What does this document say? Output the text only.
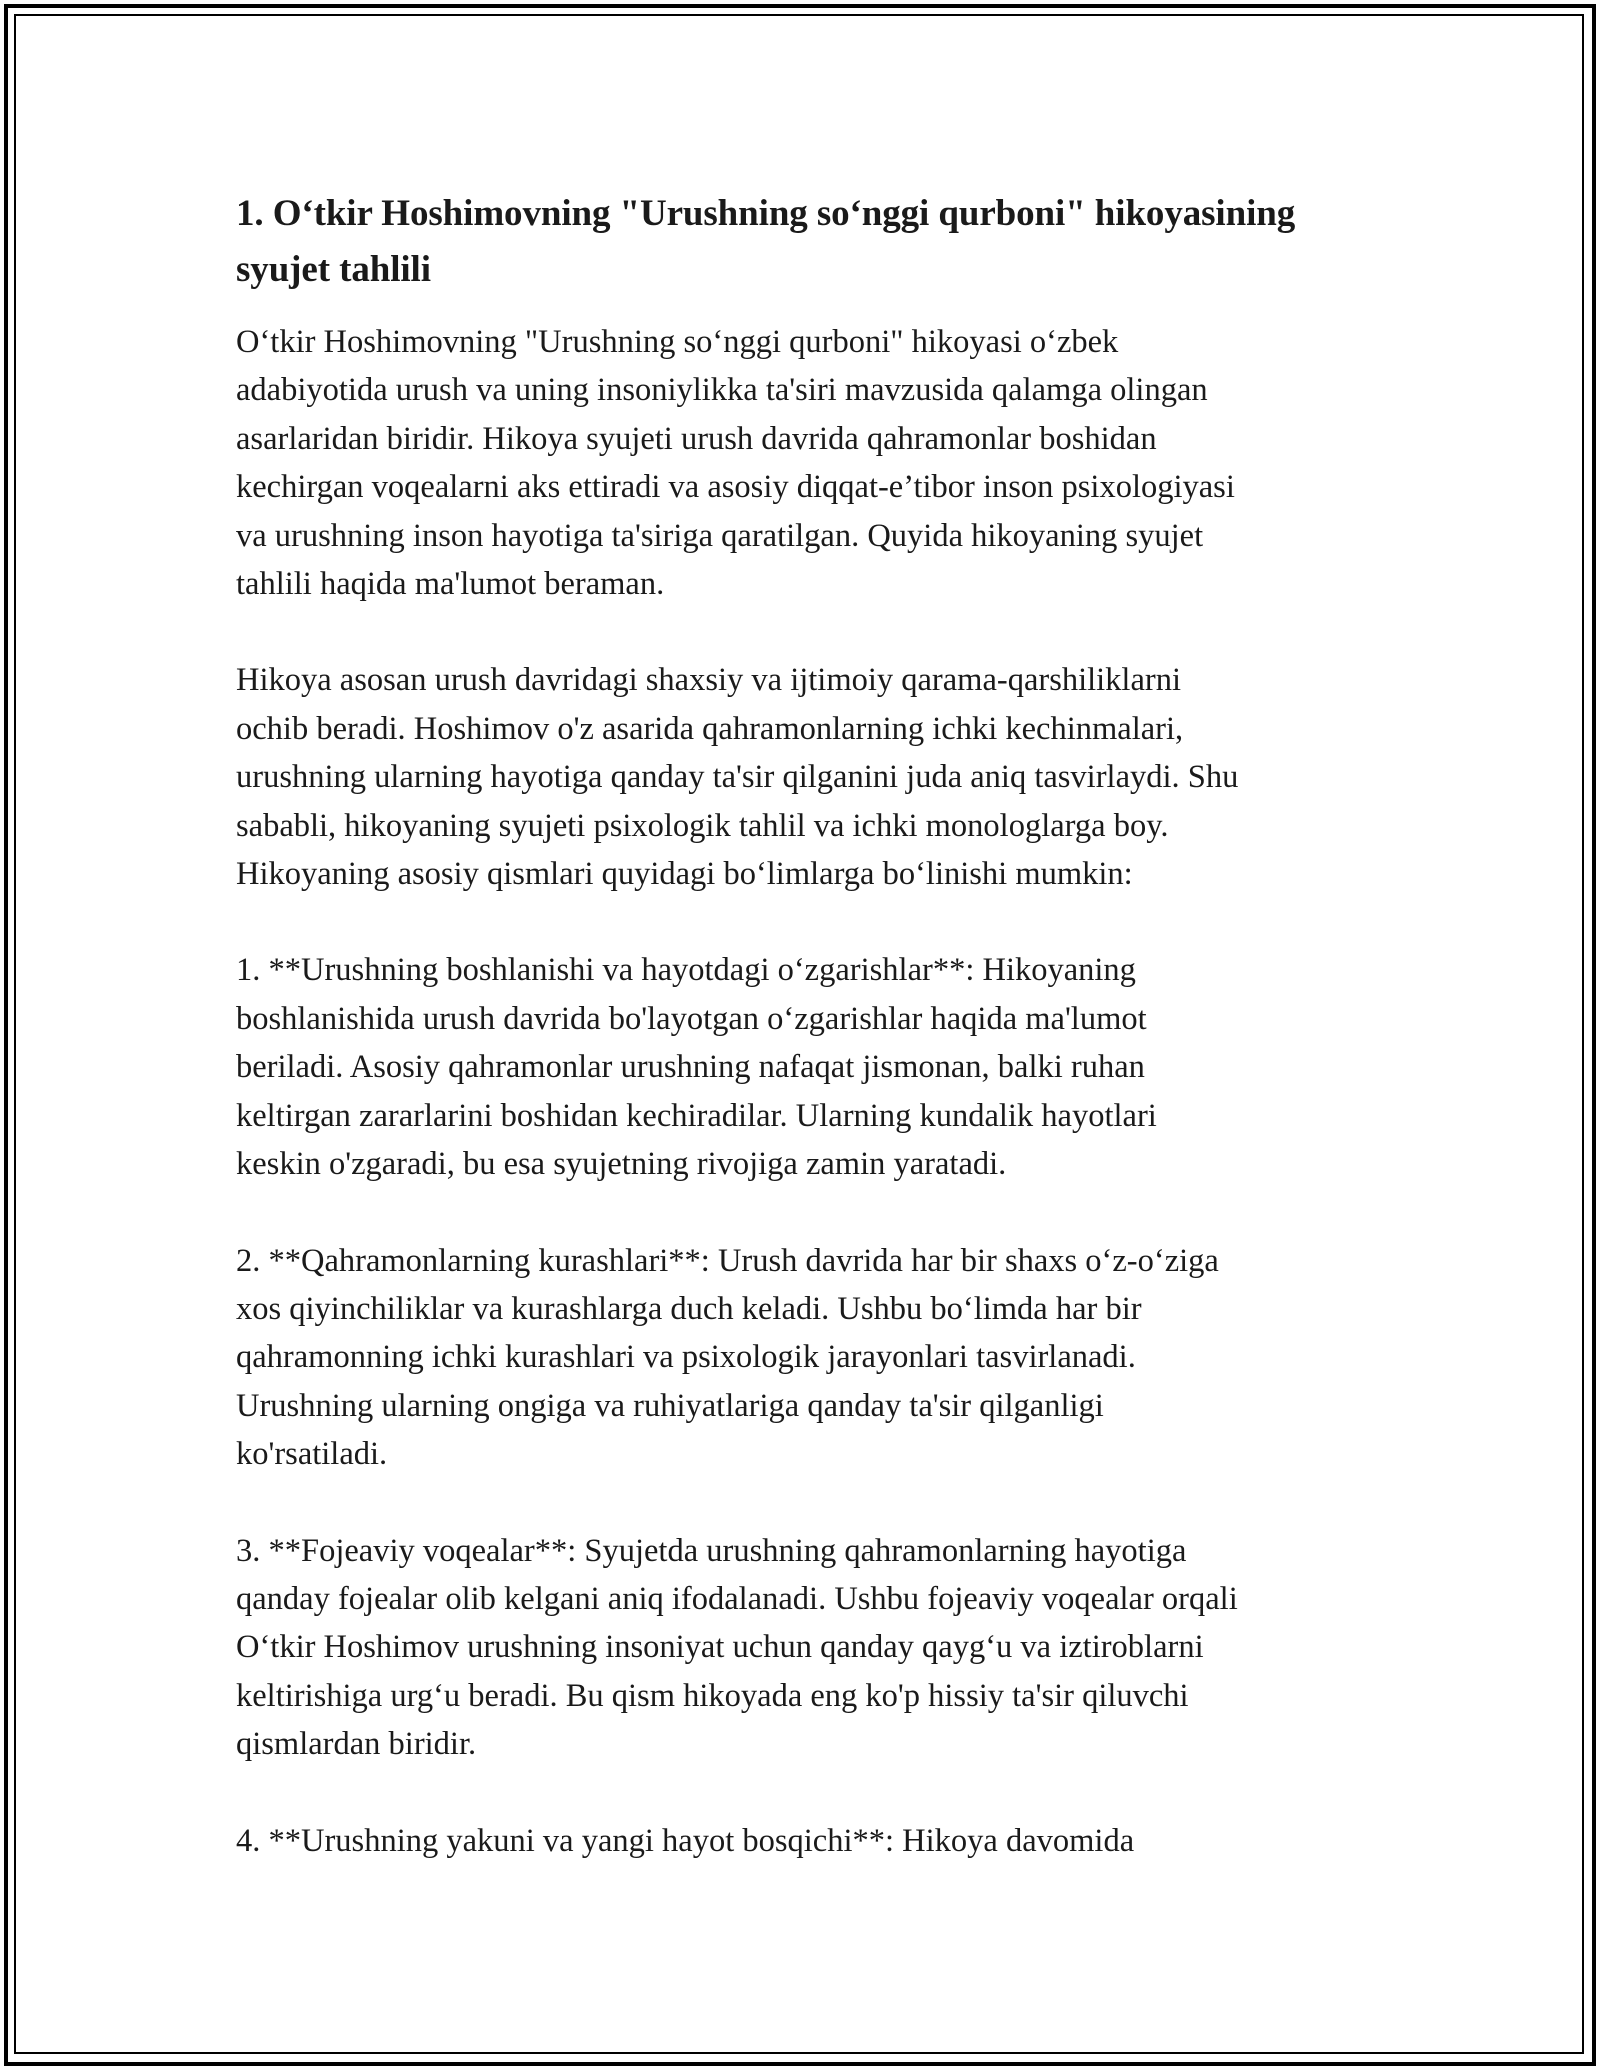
1. O‘tkir Hoshimovning "Urushning so‘nggi qurboni" hikoyasining syujet tahlili

O‘tkir Hoshimovning "Urushning so‘nggi qurboni" hikoyasi o‘zbek
adabiyotida urush va uning insoniylikka ta'siri mavzusida qalamga olingan
asarlaridan biridir. Hikoya syujeti urush davrida qahramonlar boshidan
kechirgan voqealarni aks ettiradi va asosiy diqqat-e’tibor inson psixologiyasi
va urushning inson hayotiga ta'siriga qaratilgan. Quyida hikoyaning syujet
tahlili haqida ma'lumot beraman.

Hikoya asosan urush davridagi shaxsiy va ijtimoiy qarama-qarshiliklarni
ochib beradi. Hoshimov o'z asarida qahramonlarning ichki kechinmalari,
urushning ularning hayotiga qanday ta'sir qilganini juda aniq tasvirlaydi. Shu
sababli, hikoyaning syujeti psixologik tahlil va ichki monologlarga boy.
Hikoyaning asosiy qismlari quyidagi bo‘limlarga bo‘linishi mumkin:

1. **Urushning boshlanishi va hayotdagi o‘zgarishlar**: Hikoyaning
boshlanishida urush davrida bo'layotgan o‘zgarishlar haqida ma'lumot
beriladi. Asosiy qahramonlar urushning nafaqat jismonan, balki ruhan
keltirgan zararlarini boshidan kechiradilar. Ularning kundalik hayotlari
keskin o'zgaradi, bu esa syujetning rivojiga zamin yaratadi.

2. **Qahramonlarning kurashlari**: Urush davrida har bir shaxs o‘z-o‘ziga
xos qiyinchiliklar va kurashlarga duch keladi. Ushbu bo‘limda har bir
qahramonning ichki kurashlari va psixologik jarayonlari tasvirlanadi.
Urushning ularning ongiga va ruhiyatlariga qanday ta'sir qilganligi
ko'rsatiladi.

3. **Fojeaviy voqealar**: Syujetda urushning qahramonlarning hayotiga
qanday fojealar olib kelgani aniq ifodalanadi. Ushbu fojeaviy voqealar orqali
O‘tkir Hoshimov urushning insoniyat uchun qanday qayg‘u va iztiroblarni
keltirishiga urg‘u beradi. Bu qism hikoyada eng ko'p hissiy ta'sir qiluvchi
qismlardan biridir.

4. **Urushning yakuni va yangi hayot bosqichi**: Hikoya davomida
